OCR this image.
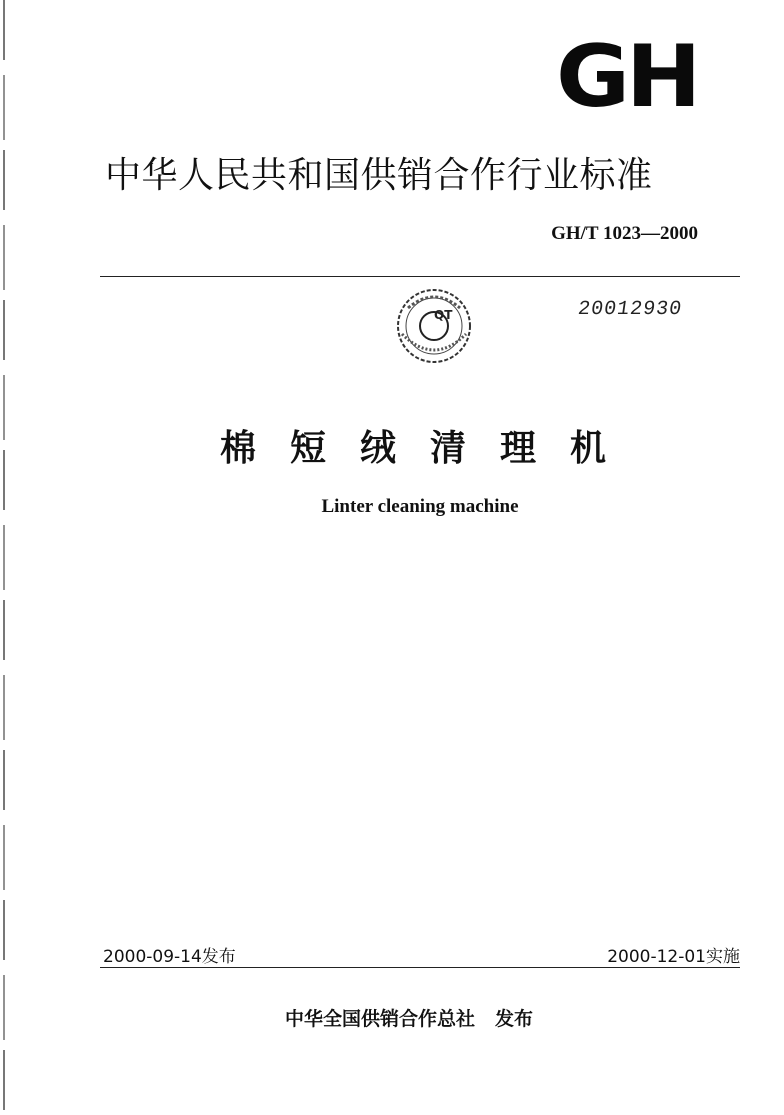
GH
中华人民共和国供销合作行业标准
GH/T 1023—2000
QT	20012930
棉短绒清理机
Linter cleaning machine
2000-09-14发布	2000-12-01实施
中华全国供销合作总社 发布
